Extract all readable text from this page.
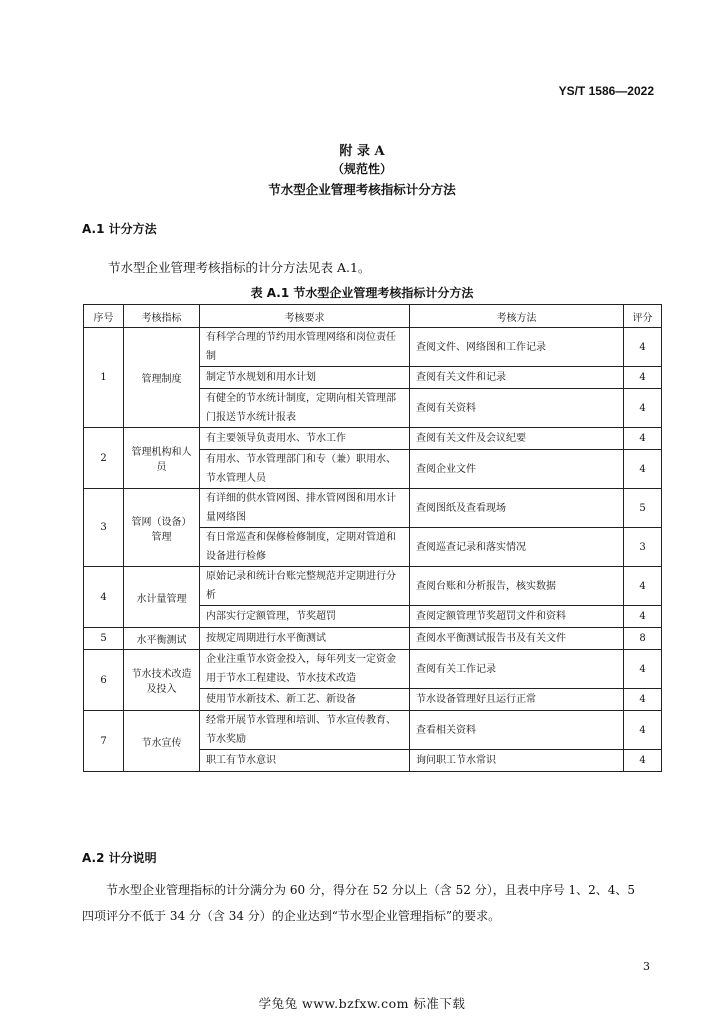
YS/T 1586—2022
附 录 A
（规范性）
节水型企业管理考核指标计分方法
A.1 计分方法
节水型企业管理考核指标的计分方法见表 A.1。
表 A.1 节水型企业管理考核指标计分方法
序号	考核指标	考核要求	考核方法	评分
1	管理制度	有科学合理的节约用水管理网络和岗位责任制	查阅文件、网络图和工作记录	4
		制定节水规划和用水计划	查阅有关文件和记录	4
		有健全的节水统计制度，定期向相关管理部门报送节水统计报表	查阅有关资料	4
2	管理机构和人员	有主要领导负责用水、节水工作	查阅有关文件及会议纪要	4
		有用水、节水管理部门和专（兼）职用水、节水管理人员	查阅企业文件	4
3	管网（设备）管理	有详细的供水管网图、排水管网图和用水计量网络图	查阅图纸及查看现场	5
		有日常巡查和保修检修制度，定期对管道和设备进行检修	查阅巡查记录和落实情况	3
4	水计量管理	原始记录和统计台账完整规范并定期进行分析	查阅台账和分析报告，核实数据	4
		内部实行定额管理，节奖超罚	查阅定额管理节奖超罚文件和资料	4
5	水平衡测试	按规定周期进行水平衡测试	查阅水平衡测试报告书及有关文件	8
6	节水技术改造及投入	企业注重节水资金投入，每年列支一定资金用于节水工程建设、节水技术改造	查阅有关工作记录	4
		使用节水新技术、新工艺、新设备	节水设备管理好且运行正常	4
7	节水宣传	经常开展节水管理和培训、节水宣传教育、节水奖励	查看相关资料	4
		职工有节水意识	询问职工节水常识	4
A.2 计分说明
节水型企业管理指标的计分满分为 60 分，得分在 52 分以上（含 52 分），且表中序号 1、2、4、5 四项评分不低于 34 分（含 34 分）的企业达到“节水型企业管理指标”的要求。
3
学兔兔 www.bzfxw.com 标准下载
